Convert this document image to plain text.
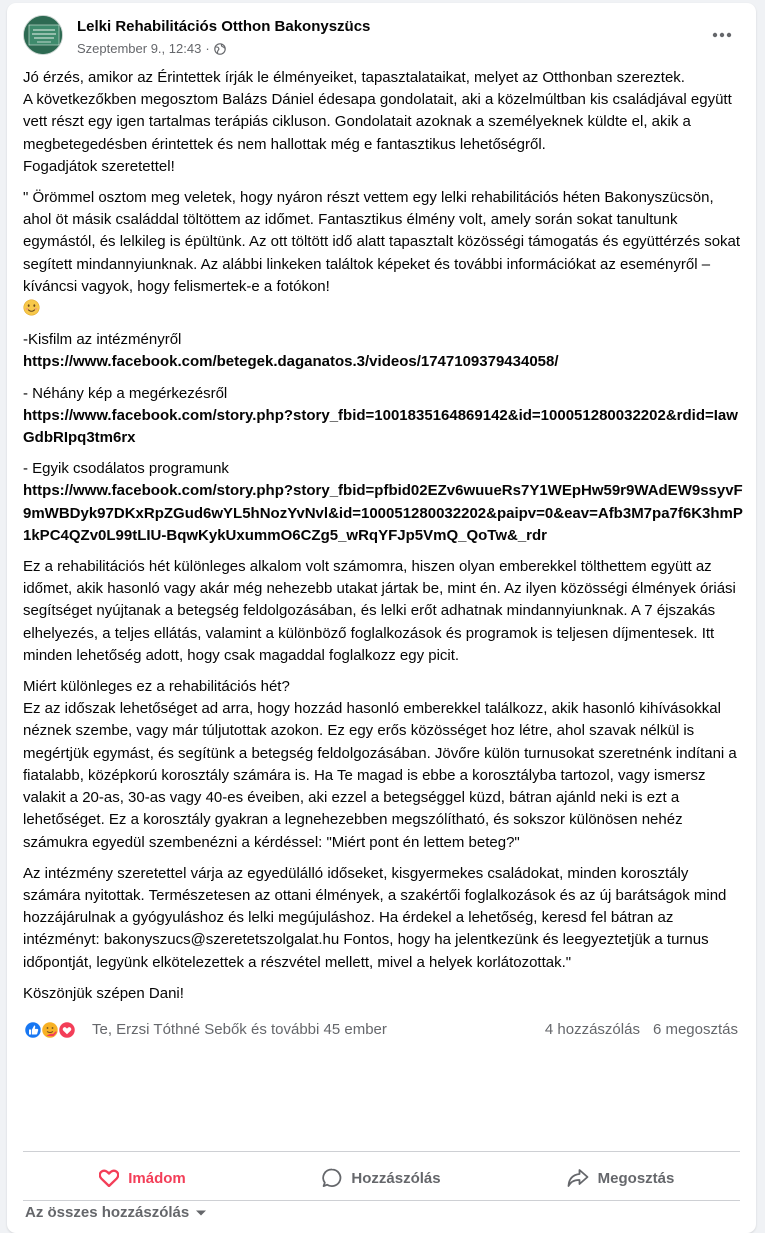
Lelki Rehabilitációs Otthon Bakonyszücs
Szeptember 9., 12:43 ·

Jó érzés, amikor az Érintettek írják le élményeiket, tapasztalataikat, melyet az Otthonban szereztek.
A következőkben megosztom Balázs Dániel édesapa gondolatait, aki a közelmúltban kis családjával együtt vett részt egy igen tartalmas terápiás cikluson. Gondolatait azoknak a személyeknek küldte el, akik a megbetegedésben érintettek és nem hallottak még e fantasztikus lehetőségről.
Fogadjátok szeretettel!

" Örömmel osztom meg veletek, hogy nyáron részt vettem egy lelki rehabilitációs héten Bakonyszücsön, ahol öt másik családdal töltöttem az időmet. Fantasztikus élmény volt, amely során sokat tanultunk egymástól, és lelkileg is épültünk. Az ott töltött idő alatt tapasztalt közösségi támogatás és együttérzés sokat segített mindannyiunknak. Az alábbi linkeken találtok képeket és további információkat az eseményről – kíváncsi vagyok, hogy felismertek-e a fotókon!

-Kisfilm az intézményről
https://www.facebook.com/betegek.daganatos.3/videos/1747109379434058/

- Néhány kép a megérkezésről
https://www.facebook.com/story.php?story_fbid=1001835164869142&id=100051280032202&rdid=IawGdbRIpq3tm6rx

- Egyik csodálatos programunk
https://www.facebook.com/story.php?story_fbid=pfbid02EZv6wuueRs7Y1WEpHw59r9WAdEW9ssyvF9mWBDyk97DKxRpZGud6wYL5hNozYvNvl&id=100051280032202&paipv=0&eav=Afb3M7pa7f6K3hmP1kPC4QZv0L99tLIU-BqwKykUxummO6CZg5_wRqYFJp5VmQ_QoTw&_rdr

Ez a rehabilitációs hét különleges alkalom volt számomra, hiszen olyan emberekkel tölthettem együtt az időmet, akik hasonló vagy akár még nehezebb utakat jártak be, mint én. Az ilyen közösségi élmények óriási segítséget nyújtanak a betegség feldolgozásában, és lelki erőt adhatnak mindannyiunknak. A 7 éjszakás elhelyezés, a teljes ellátás, valamint a különböző foglalkozások és programok is teljesen díjmentesek. Itt minden lehetőség adott, hogy csak magaddal foglalkozz egy picit.

Miért különleges ez a rehabilitációs hét?
Ez az időszak lehetőséget ad arra, hogy hozzád hasonló emberekkel találkozz, akik hasonló kihívásokkal néznek szembe, vagy már túljutottak azokon. Ez egy erős közösséget hoz létre, ahol szavak nélkül is megértjük egymást, és segítünk a betegség feldolgozásában. Jövőre külön turnusokat szeretnénk indítani a fiatalabb, középkorú korosztály számára is. Ha Te magad is ebbe a korosztályba tartozol, vagy ismersz valakit a 20-as, 30-as vagy 40-es éveiben, aki ezzel a betegséggel küzd, bátran ajánld neki is ezt a lehetőséget. Ez a korosztály gyakran a legnehezebben megszólítható, és sokszor különösen nehéz számukra egyedül szembenézni a kérdéssel: "Miért pont én lettem beteg?"

Az intézmény szeretettel várja az egyedülálló időseket, kisgyermekes családokat, minden korosztály számára nyitottak. Természetesen az ottani élmények, a szakértői foglalkozások és az új barátságok mind hozzájárulnak a gyógyuláshoz és lelki megújuláshoz. Ha érdekel a lehetőség, keresd fel bátran az intézményt: bakonyszucs@szeretetszolgalat.hu Fontos, hogy ha jelentkezünk és leegyeztetjük a turnus időpontját, legyünk elkötelezettek a részvétel mellett, mivel a helyek korlátozottak."

Köszönjük szépen Dani!

Te, Erzsi Tóthné Sebők és további 45 ember	4 hozzászólás 6 megosztás
Imádom	Hozzászólás	Megosztás
Az összes hozzászólás
